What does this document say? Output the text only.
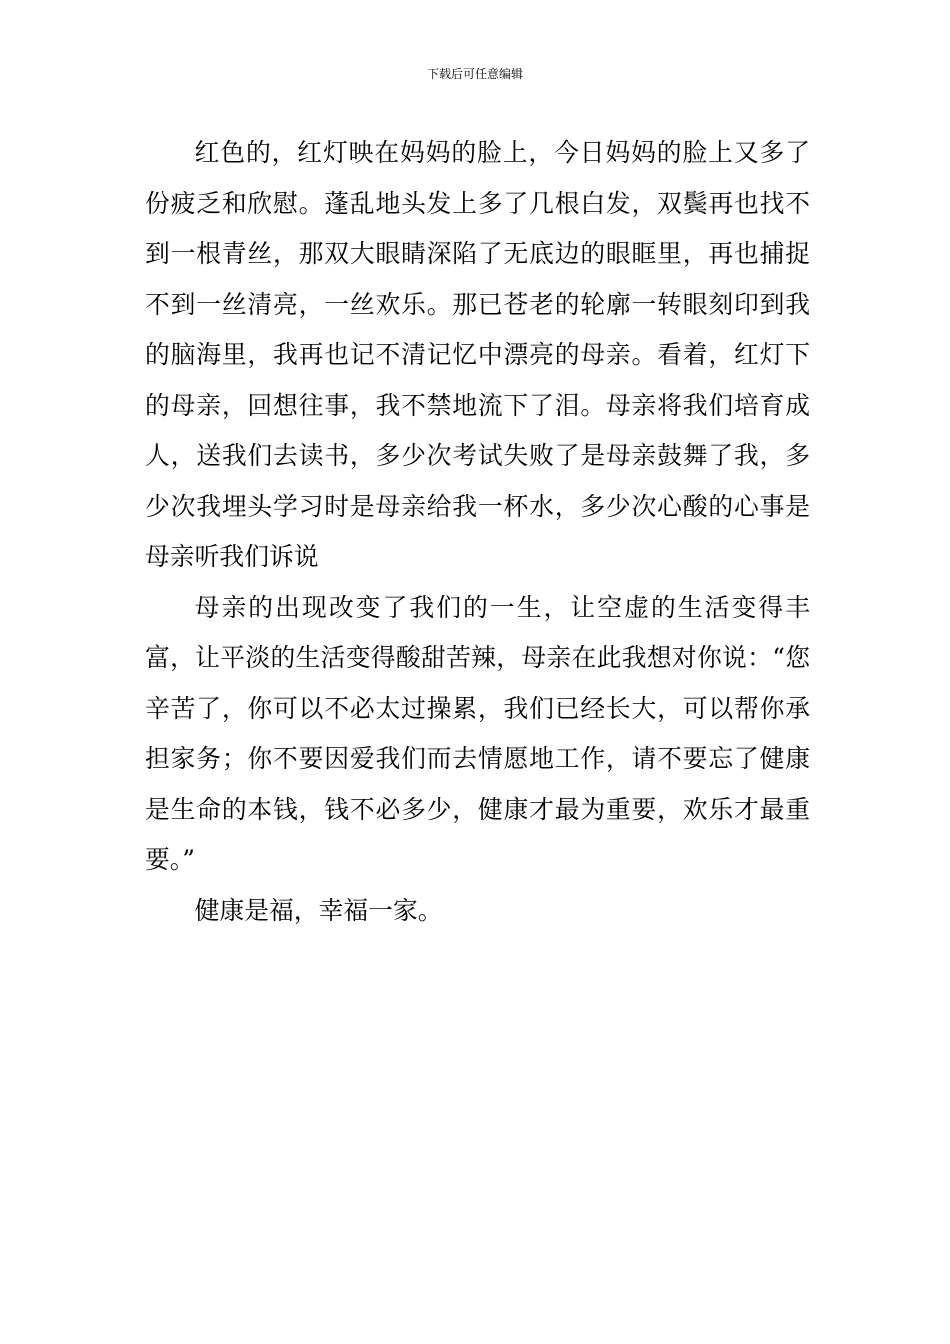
下载后可任意编辑

红色的，红灯映在妈妈的脸上，今日妈妈的脸上又多了份疲乏和欣慰。蓬乱地头发上多了几根白发，双鬓再也找不到一根青丝，那双大眼睛深陷了无底边的眼眶里，再也捕捉不到一丝清亮，一丝欢乐。那已苍老的轮廓一转眼刻印到我的脑海里，我再也记不清记忆中漂亮的母亲。看着，红灯下的母亲，回想往事，我不禁地流下了泪。母亲将我们培育成人，送我们去读书，多少次考试失败了是母亲鼓舞了我，多少次我埋头学习时是母亲给我一杯水，多少次心酸的心事是母亲听我们诉说

母亲的出现改变了我们的一生，让空虚的生活变得丰富，让平淡的生活变得酸甜苦辣，母亲在此我想对你说：“您辛苦了，你可以不必太过操累，我们已经长大，可以帮你承担家务；你不要因爱我们而去情愿地工作，请不要忘了健康是生命的本钱，钱不必多少，健康才最为重要，欢乐才最重要。”

健康是福，幸福一家。
